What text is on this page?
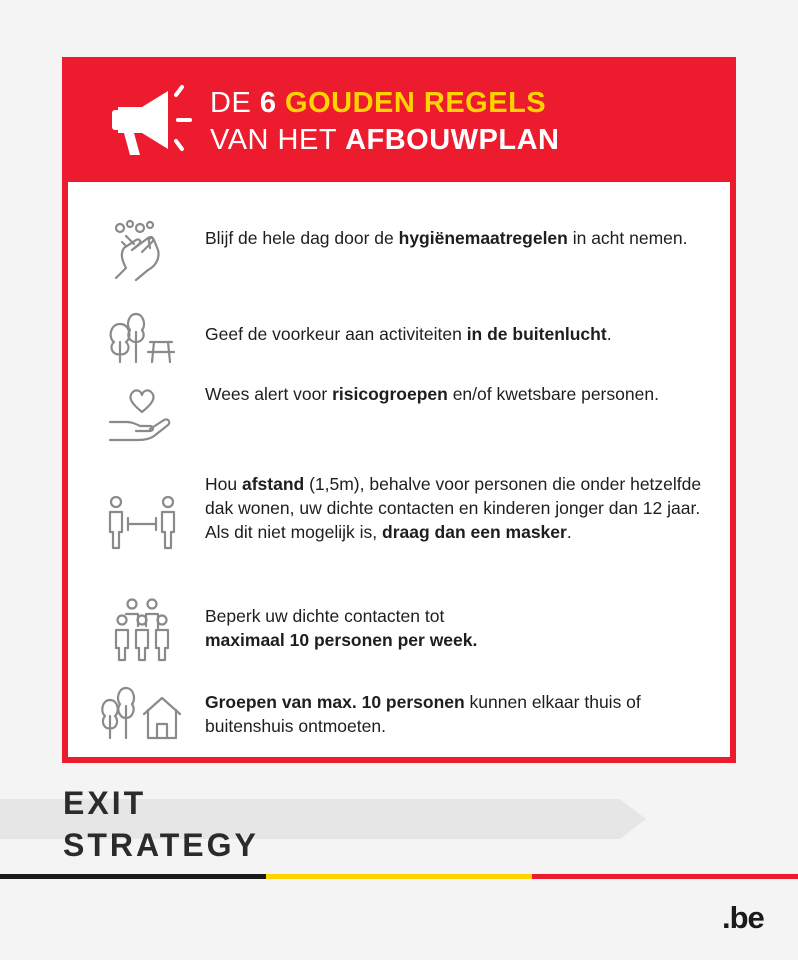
DE 6 GOUDEN REGELS
VAN HET AFBOUWPLAN
Blijf de hele dag door de hygiënemaatregelen in acht nemen.
Geef de voorkeur aan activiteiten in de buitenlucht.
Wees alert voor risicogroepen en/of kwetsbare personen.
Hou afstand (1,5m), behalve voor personen die onder hetzelfde dak wonen, uw dichte contacten en kinderen jonger dan 12 jaar.
Als dit niet mogelijk is, draag dan een masker.
Beperk uw dichte contacten tot
maximaal 10 personen per week.
Groepen van max. 10 personen kunnen elkaar thuis of buitenshuis ontmoeten.
EXIT
STRATEGY
.be
